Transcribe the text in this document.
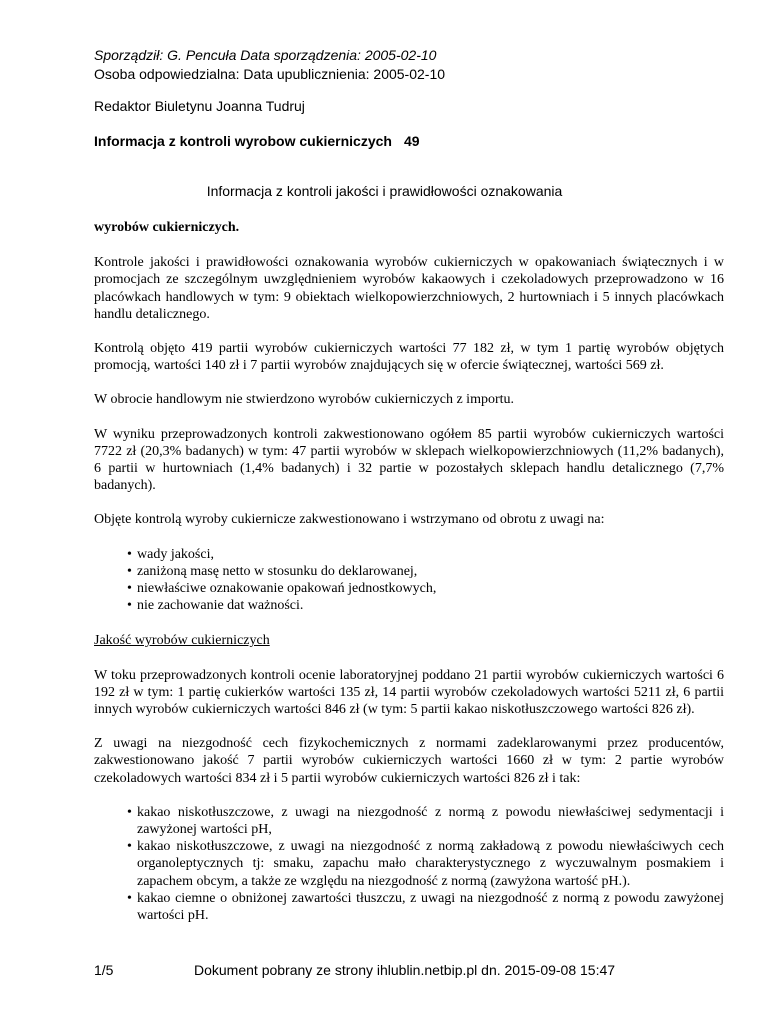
Sporządził: G. Pencuła Data sporządzenia: 2005-02-10
Osoba odpowiedzialna: Data upublicznienia: 2005-02-10
Redaktor Biuletynu Joanna Tudruj
Informacja z kontroli wyrobow cukierniczych 49
Informacja z kontroli jakości i prawidłowości oznakowania

wyrobów cukierniczych.

Kontrole jakości i prawidłowości oznakowania wyrobów cukierniczych w opakowaniach świątecznych i w promocjach ze szczególnym uwzględnieniem wyrobów kakaowych i czekoladowych przeprowadzono w 16 placówkach handlowych w tym: 9 obiektach wielkopowierzchniowych, 2 hurtowniach i 5 innych placówkach handlu detalicznego.

Kontrolą objęto 419 partii wyrobów cukierniczych wartości 77 182 zł, w tym 1 partię wyrobów objętych promocją, wartości 140 zł i 7 partii wyrobów znajdujących się w ofercie świątecznej, wartości 569 zł.

W obrocie handlowym nie stwierdzono wyrobów cukierniczych z importu.

W wyniku przeprowadzonych kontroli zakwestionowano ogółem 85 partii wyrobów cukierniczych wartości 7722 zł (20,3% badanych) w tym: 47 partii wyrobów w sklepach wielkopowierzchniowych (11,2% badanych), 6 partii w hurtowniach (1,4% badanych) i 32 partie w pozostałych sklepach handlu detalicznego (7,7% badanych).

Objęte kontrolą wyroby cukiernicze zakwestionowano i wstrzymano od obrotu z uwagi na:

• wady jakości,
• zaniżoną masę netto w stosunku do deklarowanej,
• niewłaściwe oznakowanie opakowań jednostkowych,
• nie zachowanie dat ważności.

Jakość wyrobów cukierniczych

W toku przeprowadzonych kontroli ocenie laboratoryjnej poddano 21 partii wyrobów cukierniczych wartości 6 192 zł w tym: 1 partię cukierków wartości 135 zł, 14 partii wyrobów czekoladowych wartości 5211 zł, 6 partii innych wyrobów cukierniczych wartości 846 zł (w tym: 5 partii kakao niskotłuszczowego wartości 826 zł).

Z uwagi na niezgodność cech fizykochemicznych z normami zadeklarowanymi przez producentów, zakwestionowano jakość 7 partii wyrobów cukierniczych wartości 1660 zł w tym: 2 partie wyrobów czekoladowych wartości 834 zł i 5 partii wyrobów cukierniczych wartości 826 zł i tak:

• kakao niskotłuszczowe, z uwagi na niezgodność z normą z powodu niewłaściwej sedymentacji i zawyżonej wartości pH,
• kakao niskotłuszczowe, z uwagi na niezgodność z normą zakładową z powodu niewłaściwych cech organoleptycznych tj: smaku, zapachu mało charakterystycznego z wyczuwalnym posmakiem i zapachem obcym, a także ze względu na niezgodność z normą (zawyżona wartość pH.).
• kakao ciemne o obniżonej zawartości tłuszczu, z uwagi na niezgodność z normą z powodu zawyżonej wartości pH.
1/5	Dokument pobrany ze strony ihlublin.netbip.pl dn. 2015-09-08 15:47
